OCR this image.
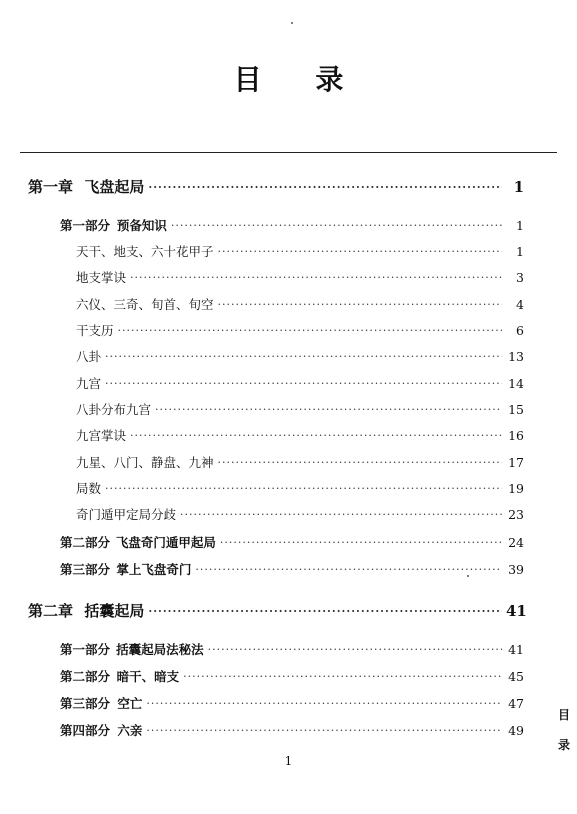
目 录
第一章 飞盘起局 ·····	1
第一部分 预备知识 ·····	1
天干、地支、六十花甲子 ·····	1
地支掌诀 ·····	3
六仪、三奇、旬首、旬空 ·····	4
干支历 ·····	6
八卦 ·····	13
九宫 ·····	14
八卦分布九宫 ·····	15
九宫掌诀 ·····	16
九星、八门、静盘、九神 ·····	17
局数 ·····	19
奇门遁甲定局分歧 ·····	23
第二部分 飞盘奇门遁甲起局 ·····	24
第三部分 掌上飞盘奇门 ·····	39
第二章 括囊起局 ·····	41
第一部分 括囊起局法秘法 ·····	41
第二部分 暗干、暗支 ·····	45
第三部分 空亡 ·····	47
第四部分 六亲 ·····	49
目
录
1
